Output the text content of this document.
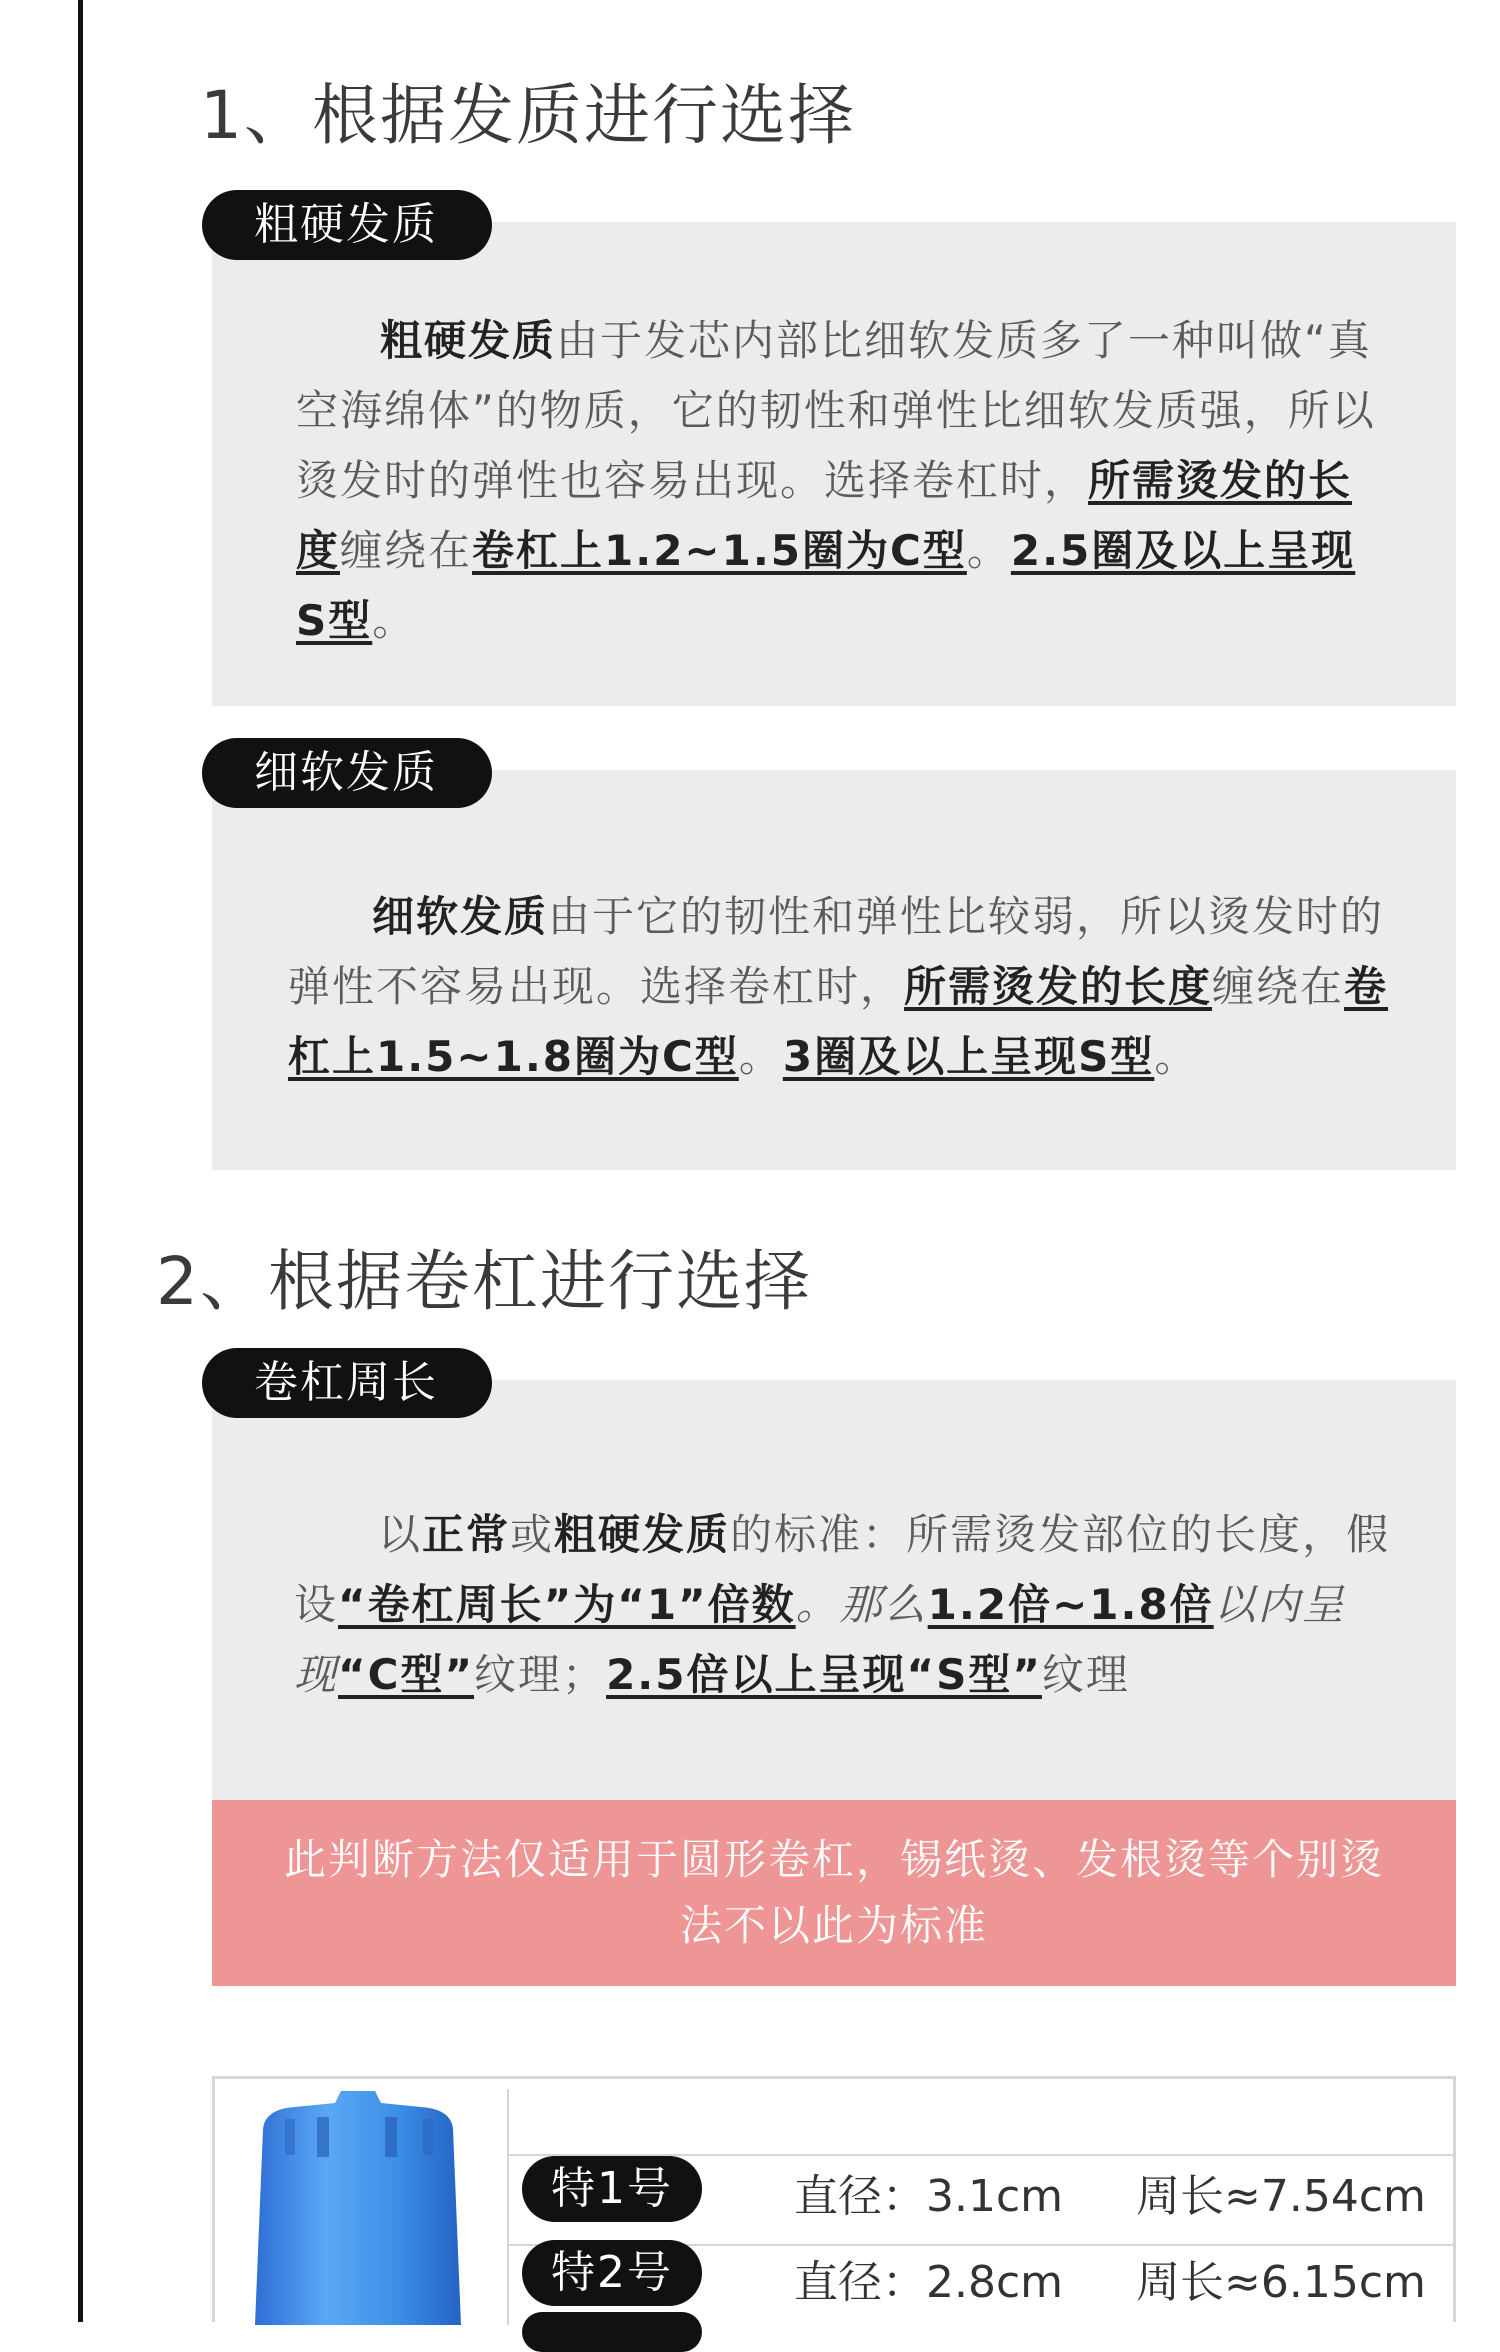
1、根据发质进行选择
粗硬发质
粗硬发质由于发芯内部比细软发质多了一种叫做“真空海绵体”的物质，它的韧性和弹性比细软发质强，所以烫发时的弹性也容易出现。选择卷杠时，所需烫发的长度缠绕在卷杠上1.2~1.5圈为C型。2.5圈及以上呈现S型。
细软发质
细软发质由于它的韧性和弹性比较弱，所以烫发时的弹性不容易出现。选择卷杠时，所需烫发的长度缠绕在卷杠上1.5~1.8圈为C型。3圈及以上呈现S型。
2、根据卷杠进行选择
卷杠周长
以正常或粗硬发质的标准：所需烫发部位的长度，假设“卷杠周长”为“1”倍数。那么1.2倍~1.8倍以内呈现“C型”纹理；2.5倍以上呈现“S型”纹理
此判断方法仅适用于圆形卷杠，锡纸烫、发根烫等个别烫法不以此为标准
特1号	直径：3.1cm 周长≈7.54cm
特2号	直径：2.8cm 周长≈6.15cm
